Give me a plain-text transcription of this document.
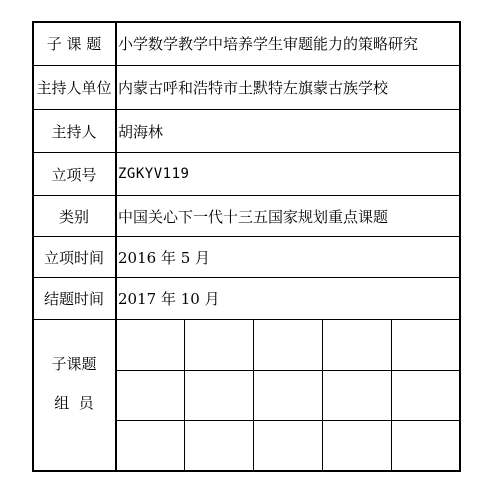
子 课 题	小学数学教学中培养学生审题能力的策略研究
主持人单位 内蒙古呼和浩特市土默特左旗蒙古族学校
主持人	胡海林
立项号	ZGKYV119
类别	中国关心下一代十三五国家规划重点课题
立项时间 2016 年 5 月
结题时间 2017 年 10 月
子课题
组  员
